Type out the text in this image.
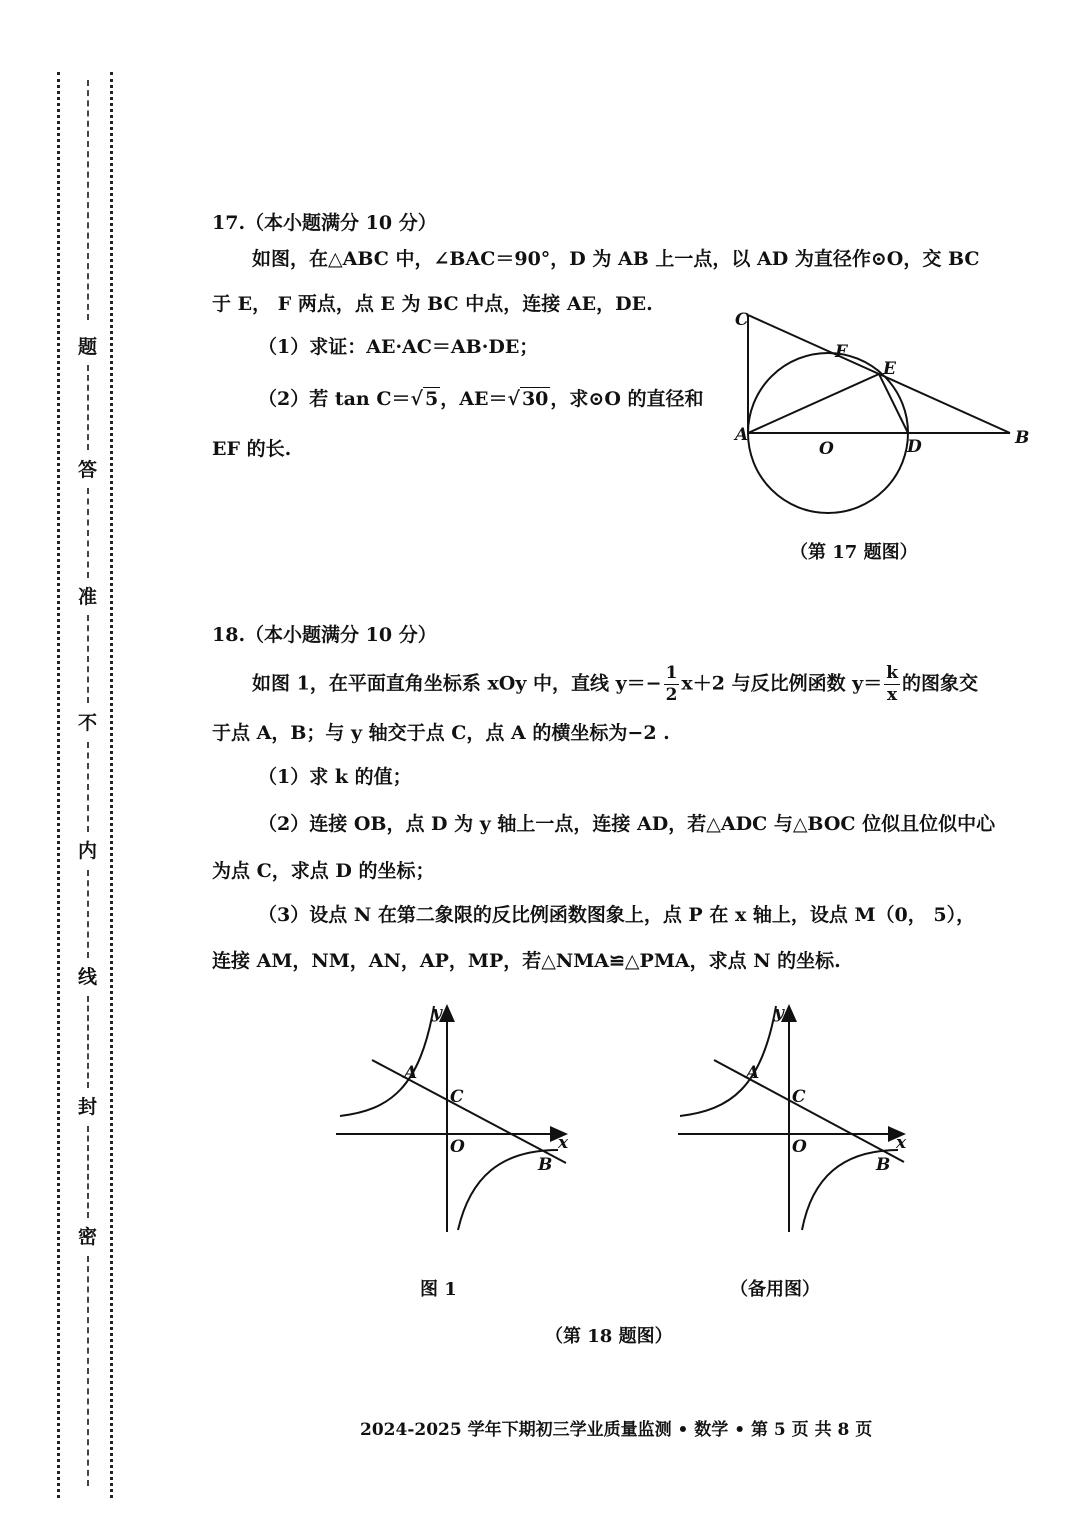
题
答
准
不
内
线
封
密
17.（本小题满分 10 分）
如图，在△ABC 中，∠BAC＝90°，D 为 AB 上一点，以 AD 为直径作⊙O，交 BC
于 E， F 两点，点 E 为 BC 中点，连接 AE，DE.
（1）求证：AE·AC＝AB·DE；
（2）若 tan C＝√ 5 ，AE＝√ 30 ，求⊙O 的直径和
EF 的长.
C
F
E
A
O	D	B
（第 17 题图）
18.（本小题满分 10 分）
如图 1，在平面直角坐标系 xOy 中，直线 $y=- \frac{1}{2} x+2$ 与反比例函数 $y= \frac{k}{x}$ 的图象交
于点 A，B；与 y 轴交于点 C，点 A 的横坐标为−2 .
（1）求 k 的值；
（2）连接 OB，点 D 为 y 轴上一点，连接 AD，若△ADC 与△BOC 位似且位似中心
为点 C，求点 D 的坐标；
（3）设点 N 在第二象限的反比例函数图象上，点 P 在 x 轴上，设点 M（0， 5），
连接 AM，NM，AN，AP，MP，若△NMA≌△PMA，求点 N 的坐标.
y
x
A
C
O
B
y
x
A
C
O
B
图 1	（备用图）
（第 18 题图）
2024-2025 学年下期初三学业质量监测 • 数学 • 第 5 页 共 8 页
